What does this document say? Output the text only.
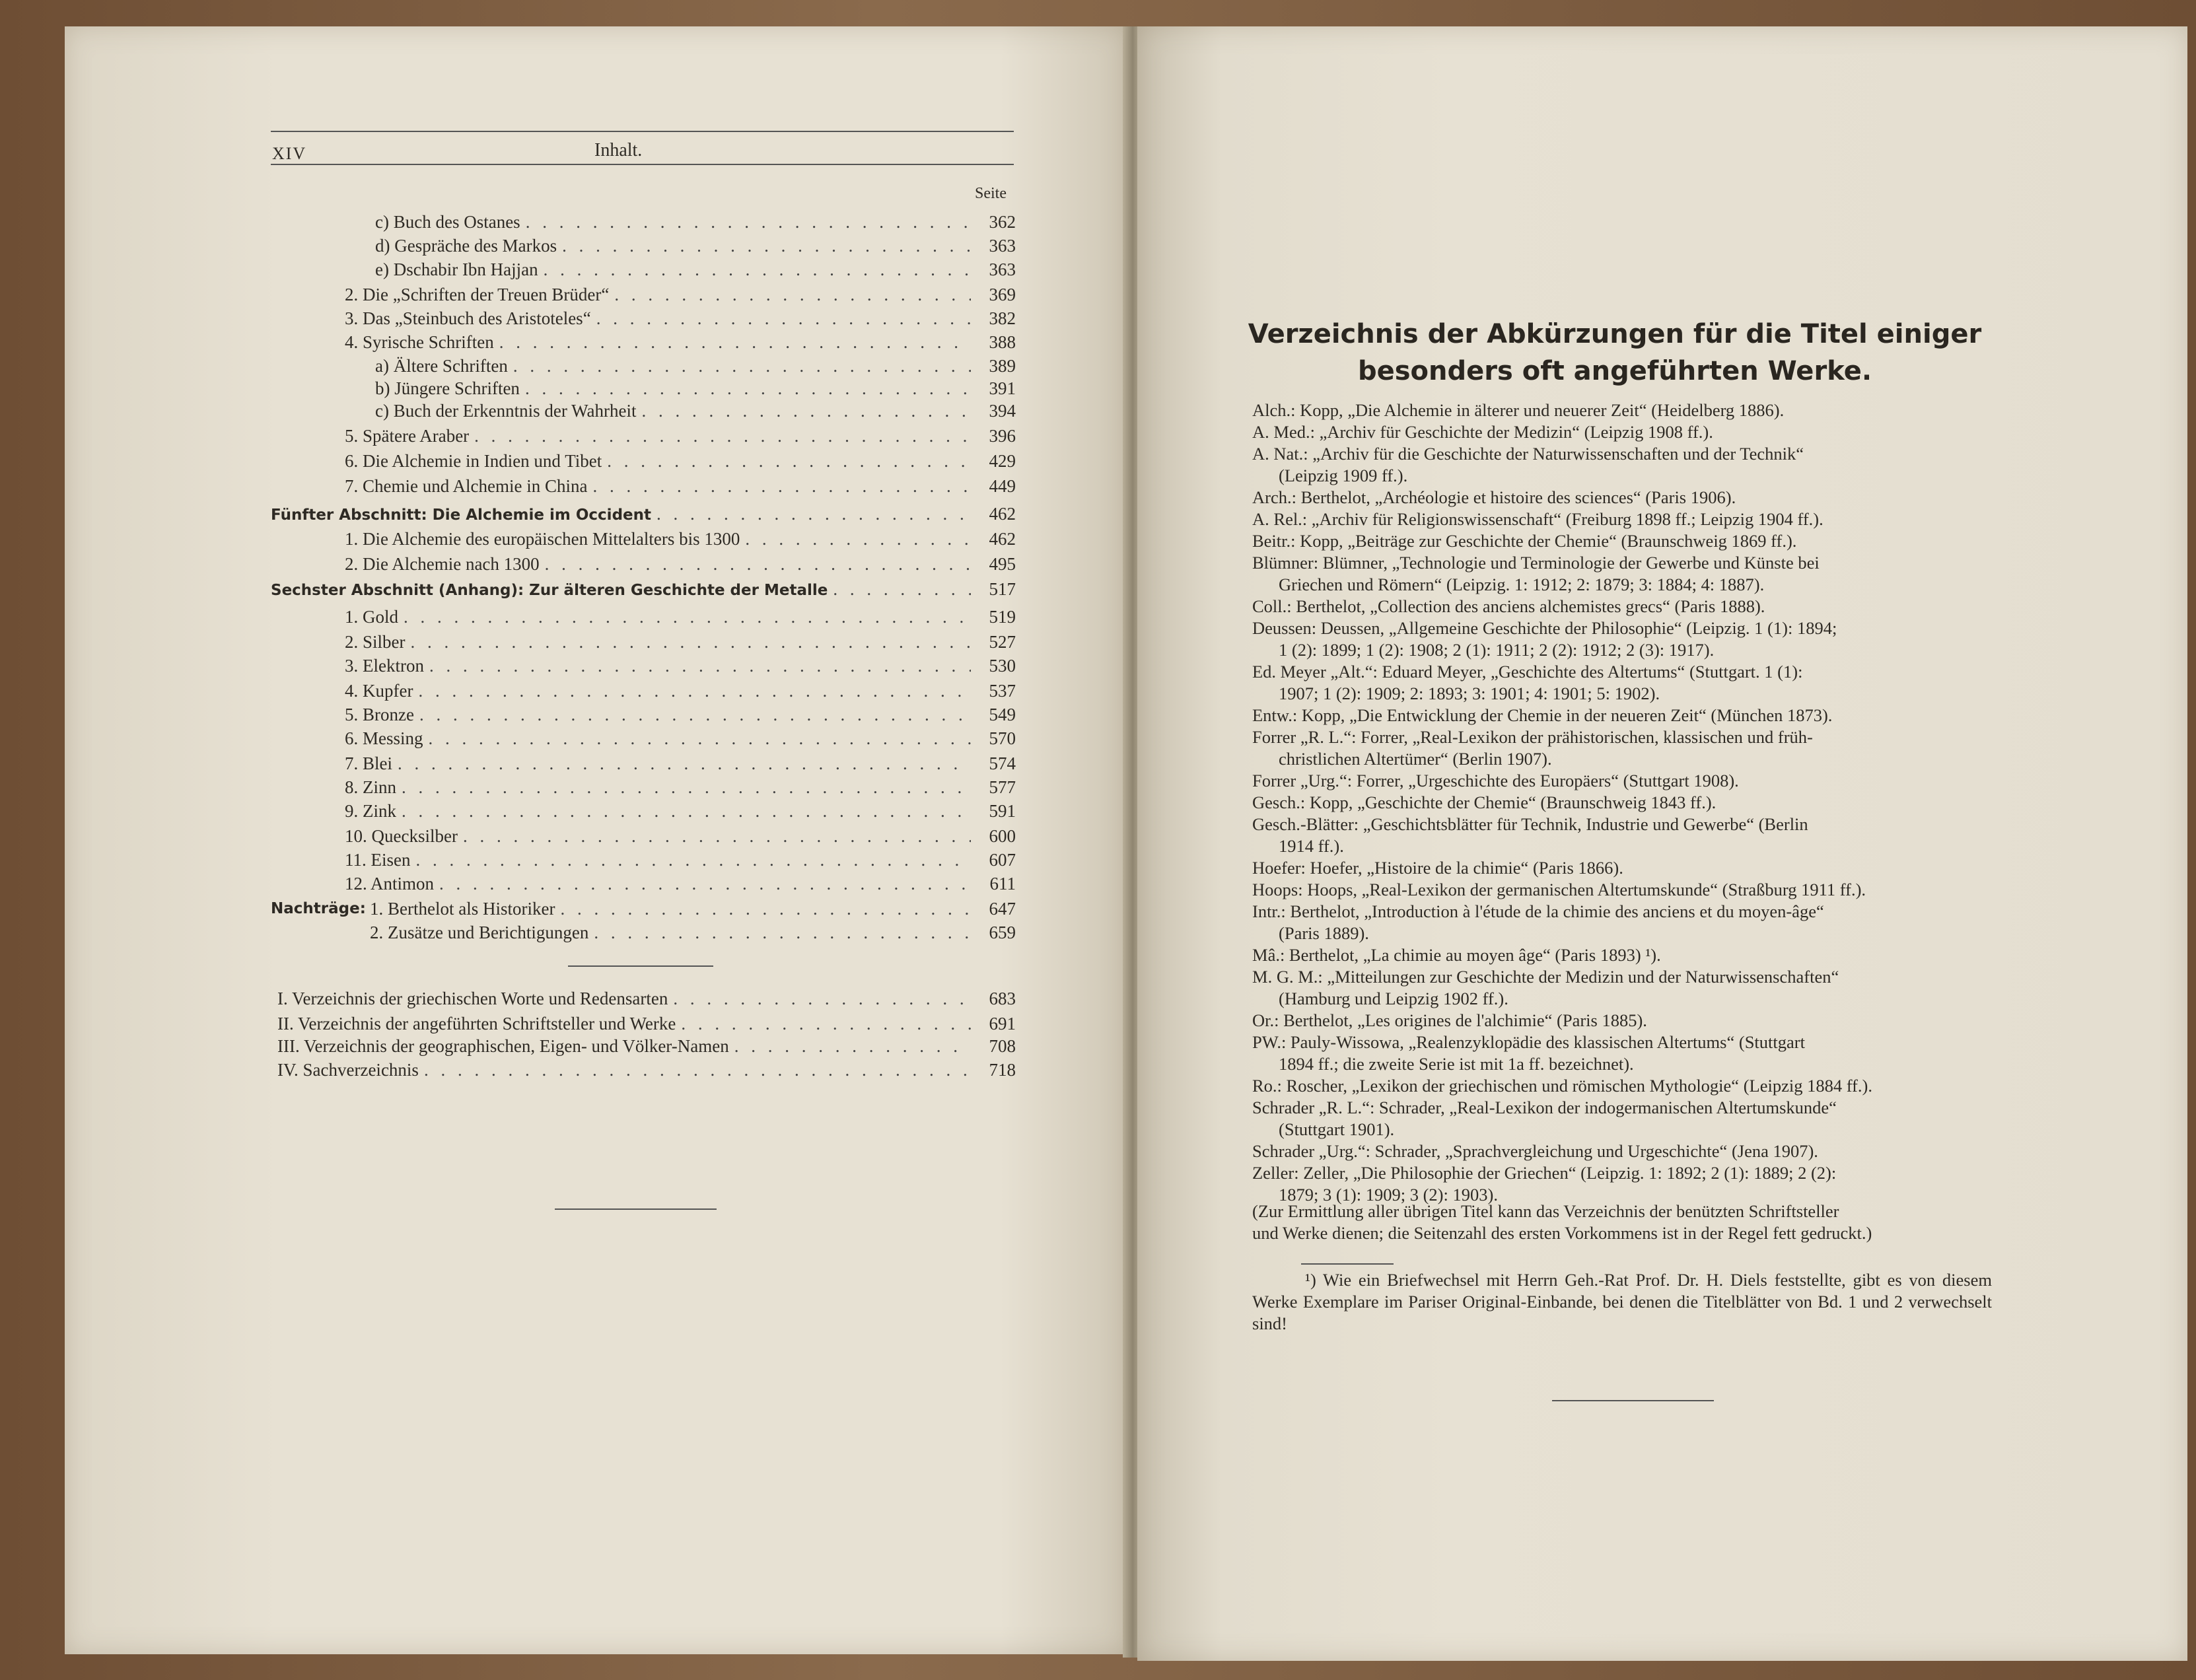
XIV	Inhalt.
Seite
c) Buch des Ostanes . . .	362
d) Gespräche des Markos . . .	363
e) Dschabir Ibn Hajjan . . .	363
2. Die „Schriften der Treuen Brüder“ . . .	369
3. Das „Steinbuch des Aristoteles“ . . .	382
4. Syrische Schriften . . .	388
a) Ältere Schriften . . .	389
b) Jüngere Schriften . . .	391
c) Buch der Erkenntnis der Wahrheit . . .	394
5. Spätere Araber . . .	396
6. Die Alchemie in Indien und Tibet . . .	429
7. Chemie und Alchemie in China . . .	449
Fünfter Abschnitt: Die Alchemie im Occident . . .	462
1. Die Alchemie des europäischen Mittelalters bis 1300 . . .	462
2. Die Alchemie nach 1300 . . .	495
Sechster Abschnitt (Anhang): Zur älteren Geschichte der Metalle . . .	517
1. Gold . . .	519
2. Silber . . .	527
3. Elektron . . .	530
4. Kupfer . . .	537
5. Bronze . . .	549
6. Messing . . .	570
7. Blei . . .	574
8. Zinn . . .	577
9. Zink . . .	591
10. Quecksilber . . .	600
11. Eisen . . .	607
12. Antimon . . .	611
Nachträge: 1. Berthelot als Historiker . . .	647
2. Zusätze und Berichtigungen . . .	659
I. Verzeichnis der griechischen Worte und Redensarten . . .	683
II. Verzeichnis der angeführten Schriftsteller und Werke . . .	691
III. Verzeichnis der geographischen, Eigen- und Völker-Namen . . .	708
IV. Sachverzeichnis . . .	718
Verzeichnis der Abkürzungen für die Titel einiger
besonders oft angeführten Werke.
Alch.: Kopp, „Die Alchemie in älterer und neuerer Zeit“ (Heidelberg 1886).
A. Med.: „Archiv für Geschichte der Medizin“ (Leipzig 1908 ff.).
A. Nat.: „Archiv für die Geschichte der Naturwissenschaften und der Technik“
(Leipzig 1909 ff.).
Arch.: Berthelot, „Archéologie et histoire des sciences“ (Paris 1906).
A. Rel.: „Archiv für Religionswissenschaft“ (Freiburg 1898 ff.; Leipzig 1904 ff.).
Beitr.: Kopp, „Beiträge zur Geschichte der Chemie“ (Braunschweig 1869 ff.).
Blümner: Blümner, „Technologie und Terminologie der Gewerbe und Künste bei
Griechen und Römern“ (Leipzig. 1: 1912; 2: 1879; 3: 1884; 4: 1887).
Coll.: Berthelot, „Collection des anciens alchemistes grecs“ (Paris 1888).
Deussen: Deussen, „Allgemeine Geschichte der Philosophie“ (Leipzig. 1 (1): 1894;
1 (2): 1899; 1 (2): 1908; 2 (1): 1911; 2 (2): 1912; 2 (3): 1917).
Ed. Meyer „Alt.“: Eduard Meyer, „Geschichte des Altertums“ (Stuttgart. 1 (1):
1907; 1 (2): 1909; 2: 1893; 3: 1901; 4: 1901; 5: 1902).
Entw.: Kopp, „Die Entwicklung der Chemie in der neueren Zeit“ (München 1873).
Forrer „R. L.“: Forrer, „Real-Lexikon der prähistorischen, klassischen und früh-
christlichen Altertümer“ (Berlin 1907).
Forrer „Urg.“: Forrer, „Urgeschichte des Europäers“ (Stuttgart 1908).
Gesch.: Kopp, „Geschichte der Chemie“ (Braunschweig 1843 ff.).
Gesch.-Blätter: „Geschichtsblätter für Technik, Industrie und Gewerbe“ (Berlin
1914 ff.).
Hoefer: Hoefer, „Histoire de la chimie“ (Paris 1866).
Hoops: Hoops, „Real-Lexikon der germanischen Altertumskunde“ (Straßburg 1911 ff.).
Intr.: Berthelot, „Introduction à l'étude de la chimie des anciens et du moyen-âge“
(Paris 1889).
Mâ.: Berthelot, „La chimie au moyen âge“ (Paris 1893) ¹).
M. G. M.: „Mitteilungen zur Geschichte der Medizin und der Naturwissenschaften“
(Hamburg und Leipzig 1902 ff.).
Or.: Berthelot, „Les origines de l'alchimie“ (Paris 1885).
PW.: Pauly-Wissowa, „Realenzyklopädie des klassischen Altertums“ (Stuttgart
1894 ff.; die zweite Serie ist mit 1a ff. bezeichnet).
Ro.: Roscher, „Lexikon der griechischen und römischen Mythologie“ (Leipzig 1884 ff.).
Schrader „R. L.“: Schrader, „Real-Lexikon der indogermanischen Altertumskunde“
(Stuttgart 1901).
Schrader „Urg.“: Schrader, „Sprachvergleichung und Urgeschichte“ (Jena 1907).
Zeller: Zeller, „Die Philosophie der Griechen“ (Leipzig. 1: 1892; 2 (1): 1889; 2 (2):
1879; 3 (1): 1909; 3 (2): 1903).
(Zur Ermittlung aller übrigen Titel kann das Verzeichnis der benützten Schriftsteller
und Werke dienen; die Seitenzahl des ersten Vorkommens ist in der Regel fett gedruckt.)
¹) Wie ein Briefwechsel mit Herrn Geh.-Rat Prof. Dr. H. Diels feststellte, gibt es von diesem Werke Exemplare im Pariser Original-Einbande, bei denen die Titelblätter von Bd. 1 und 2 verwechselt sind!
